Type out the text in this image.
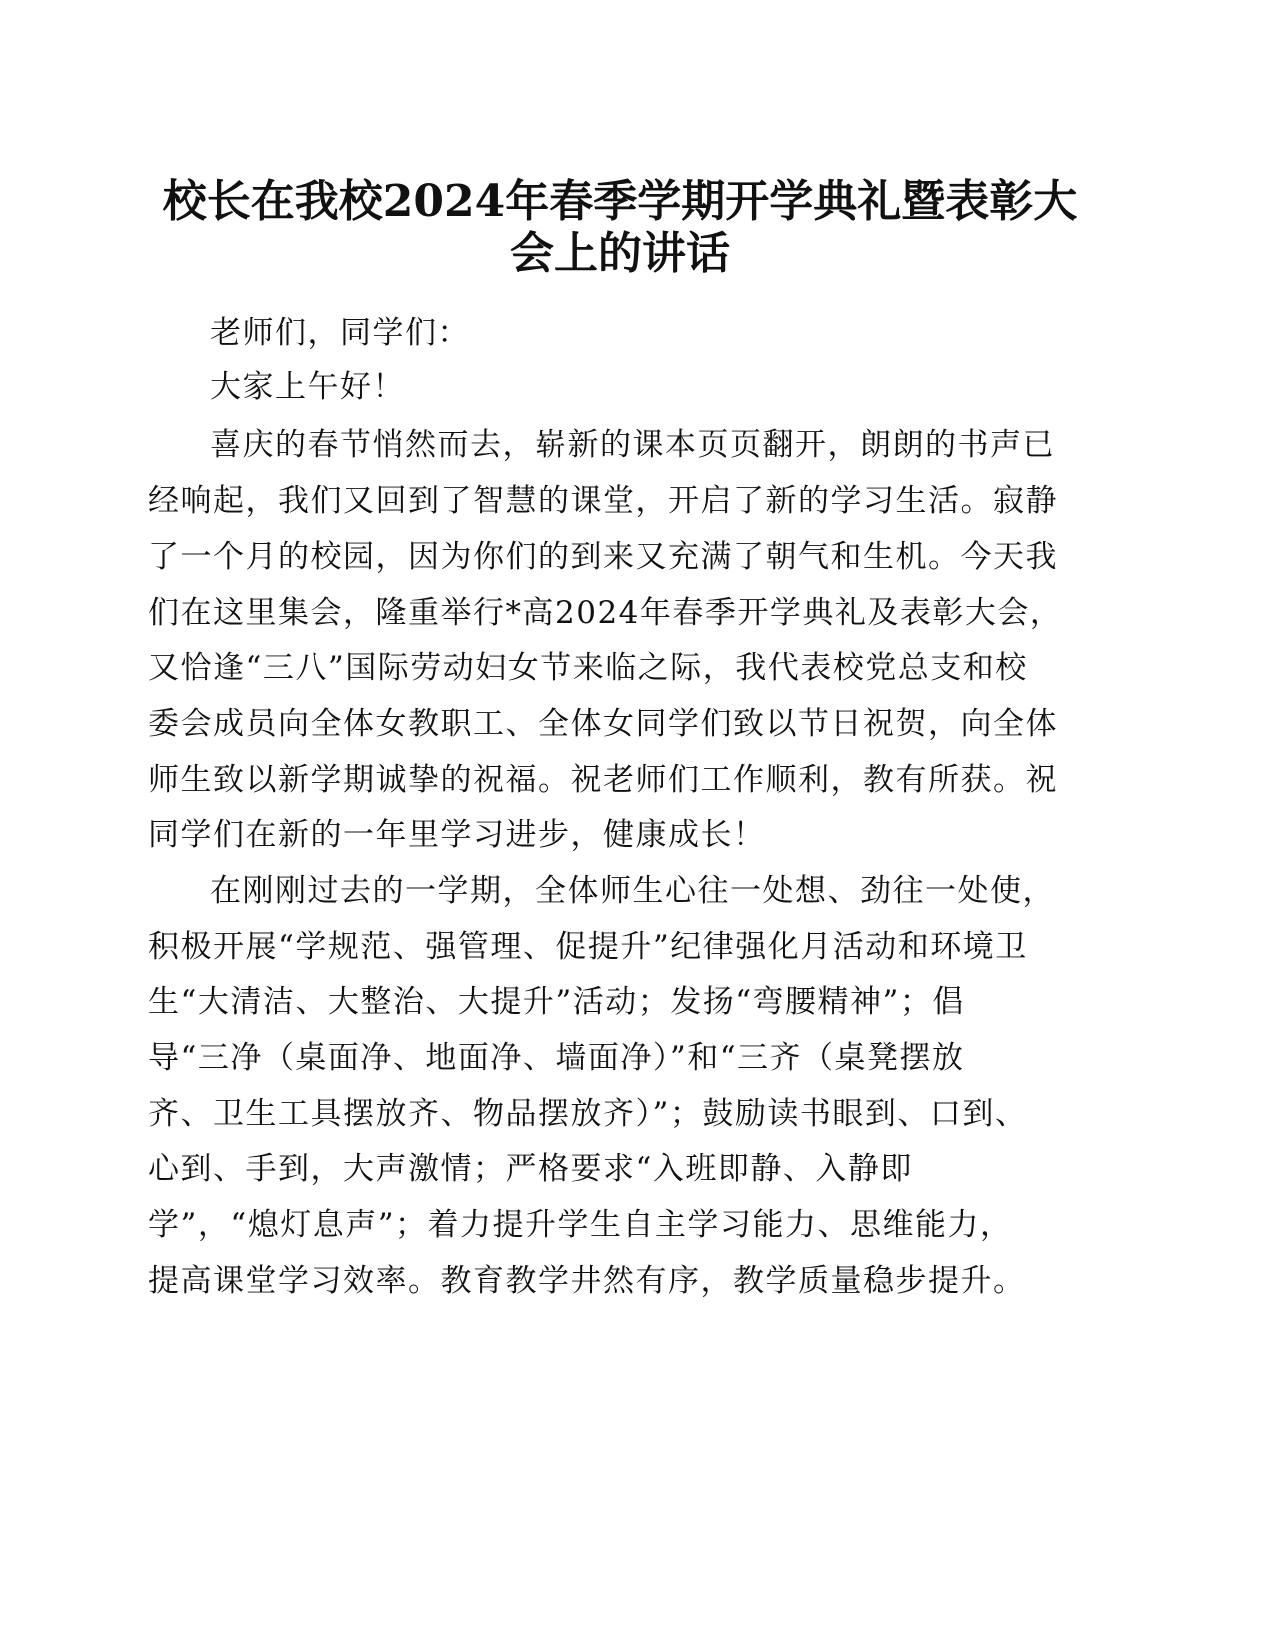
校长在我校2024年春季学期开学典礼暨表彰大会上的讲话

老师们，同学们：

大家上午好！

喜庆的春节悄然而去，崭新的课本页页翻开，朗朗的书声已

经响起，我们又回到了智慧的课堂，开启了新的学习生活。寂静

了一个月的校园，因为你们的到来又充满了朝气和生机。今天我

们在这里集会，隆重举行*高2024年春季开学典礼及表彰大会，

又恰逢“三八”国际劳动妇女节来临之际，我代表校党总支和校

委会成员向全体女教职工、全体女同学们致以节日祝贺，向全体

师生致以新学期诚挚的祝福。祝老师们工作顺利，教有所获。祝

同学们在新的一年里学习进步，健康成长！

在刚刚过去的一学期，全体师生心往一处想、劲往一处使，

积极开展“学规范、强管理、促提升”纪律强化月活动和环境卫

生“大清洁、大整治、大提升”活动；发扬“弯腰精神”；倡

导“三净（桌面净、地面净、墙面净）”和“三齐（桌凳摆放

齐、卫生工具摆放齐、物品摆放齐）”；鼓励读书眼到、口到、

心到、手到，大声激情；严格要求“入班即静、入静即

学”，“熄灯息声”；着力提升学生自主学习能力、思维能力，

提高课堂学习效率。教育教学井然有序，教学质量稳步提升。
